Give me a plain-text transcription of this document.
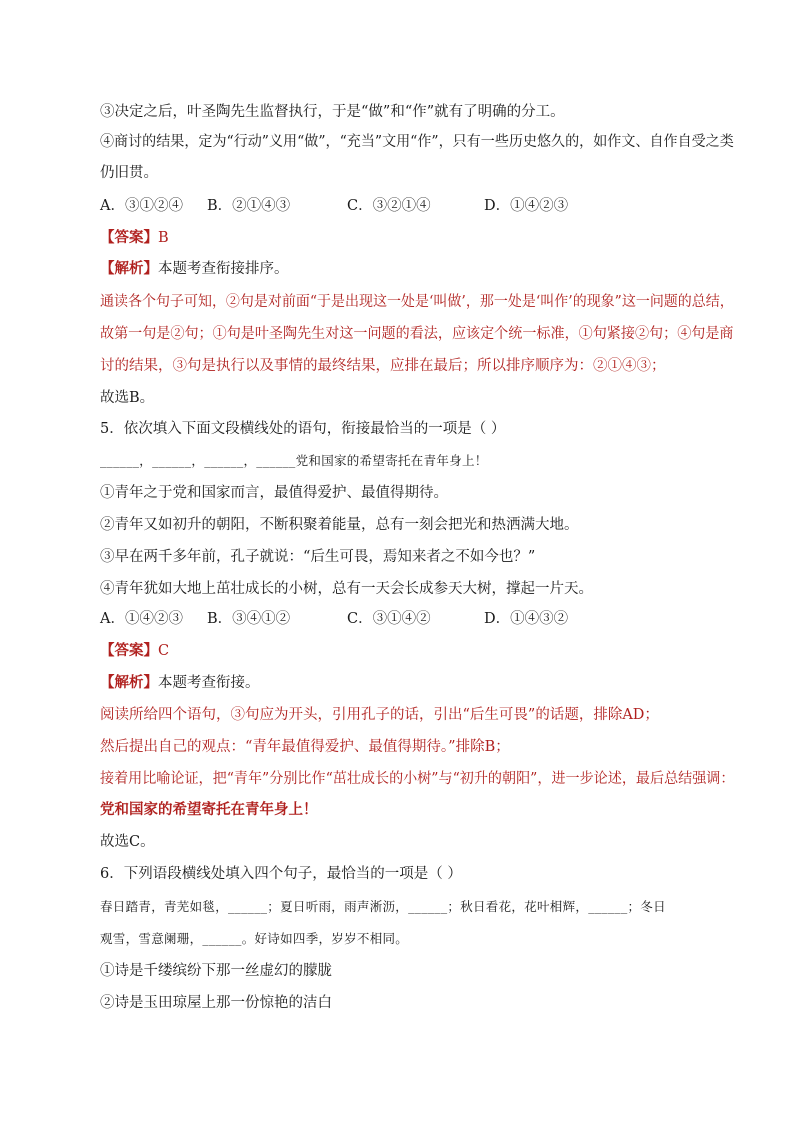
③决定之后，叶圣陶先生监督执行，于是“做”和“作”就有了明确的分工。
④商讨的结果，定为“行动”义用“做”，“充当”文用“作”，只有一些历史悠久的，如作文、自作自受之类
仍旧贯。
A．③①②④ B．②①④③	C．③②①④	D．①④②③
【答案】B
【解析】本题考查衔接排序。
通读各个句子可知，②句是对前面“于是出现这一处是‘叫做’，那一处是‘叫作’的现象”这一问题的总结，
故第一句是②句；①句是叶圣陶先生对这一问题的看法，应该定个统一标准，①句紧接②句；④句是商
讨的结果，③句是执行以及事情的最终结果，应排在最后；所以排序顺序为：②①④③；
故选B。
5．依次填入下面文段横线处的语句，衔接最恰当的一项是（ ）
______，______，______，______党和国家的希望寄托在青年身上！
①青年之于党和国家而言，最值得爱护、最值得期待。
②青年又如初升的朝阳，不断积聚着能量，总有一刻会把光和热洒满大地。
③早在两千多年前，孔子就说：“后生可畏，焉知来者之不如今也？”
④青年犹如大地上茁壮成长的小树，总有一天会长成参天大树，撑起一片天。
A．①④②③ B．③④①②	C．③①④②	D．①④③②
【答案】C
【解析】本题考查衔接。
阅读所给四个语句，③句应为开头，引用孔子的话，引出“后生可畏”的话题，排除AD；
然后提出自己的观点：“青年最值得爱护、最值得期待。”排除B；
接着用比喻论证，把“青年”分别比作“茁壮成长的小树”与“初升的朝阳”，进一步论述，最后总结强调：
党和国家的希望寄托在青年身上！
故选C。
6．下列语段横线处填入四个句子，最恰当的一项是（ ）
春日踏青，青芜如毯，______；夏日听雨，雨声淅沥，______；秋日看花，花叶相辉，______；冬日
观雪，雪意阑珊，______。好诗如四季，岁岁不相同。
①诗是千缕缤纷下那一丝虚幻的朦胧
②诗是玉田琼屋上那一份惊艳的洁白
